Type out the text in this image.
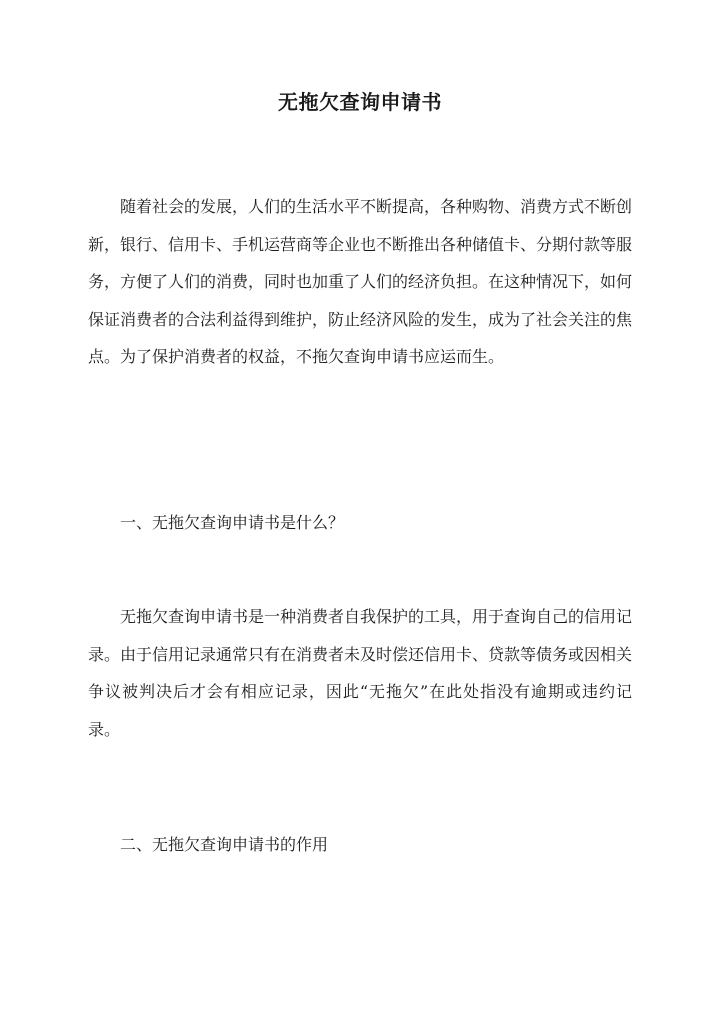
无拖欠查询申请书

随着社会的发展，人们的生活水平不断提高，各种购物、消费方式不断创新，银行、信用卡、手机运营商等企业也不断推出各种储值卡、分期付款等服务，方便了人们的消费，同时也加重了人们的经济负担。在这种情况下，如何保证消费者的合法利益得到维护，防止经济风险的发生，成为了社会关注的焦点。为了保护消费者的权益，不拖欠查询申请书应运而生。

一、无拖欠查询申请书是什么？

无拖欠查询申请书是一种消费者自我保护的工具，用于查询自己的信用记录。由于信用记录通常只有在消费者未及时偿还信用卡、贷款等债务或因相关争议被判决后才会有相应记录，因此“无拖欠”在此处指没有逾期或违约记录。

二、无拖欠查询申请书的作用
